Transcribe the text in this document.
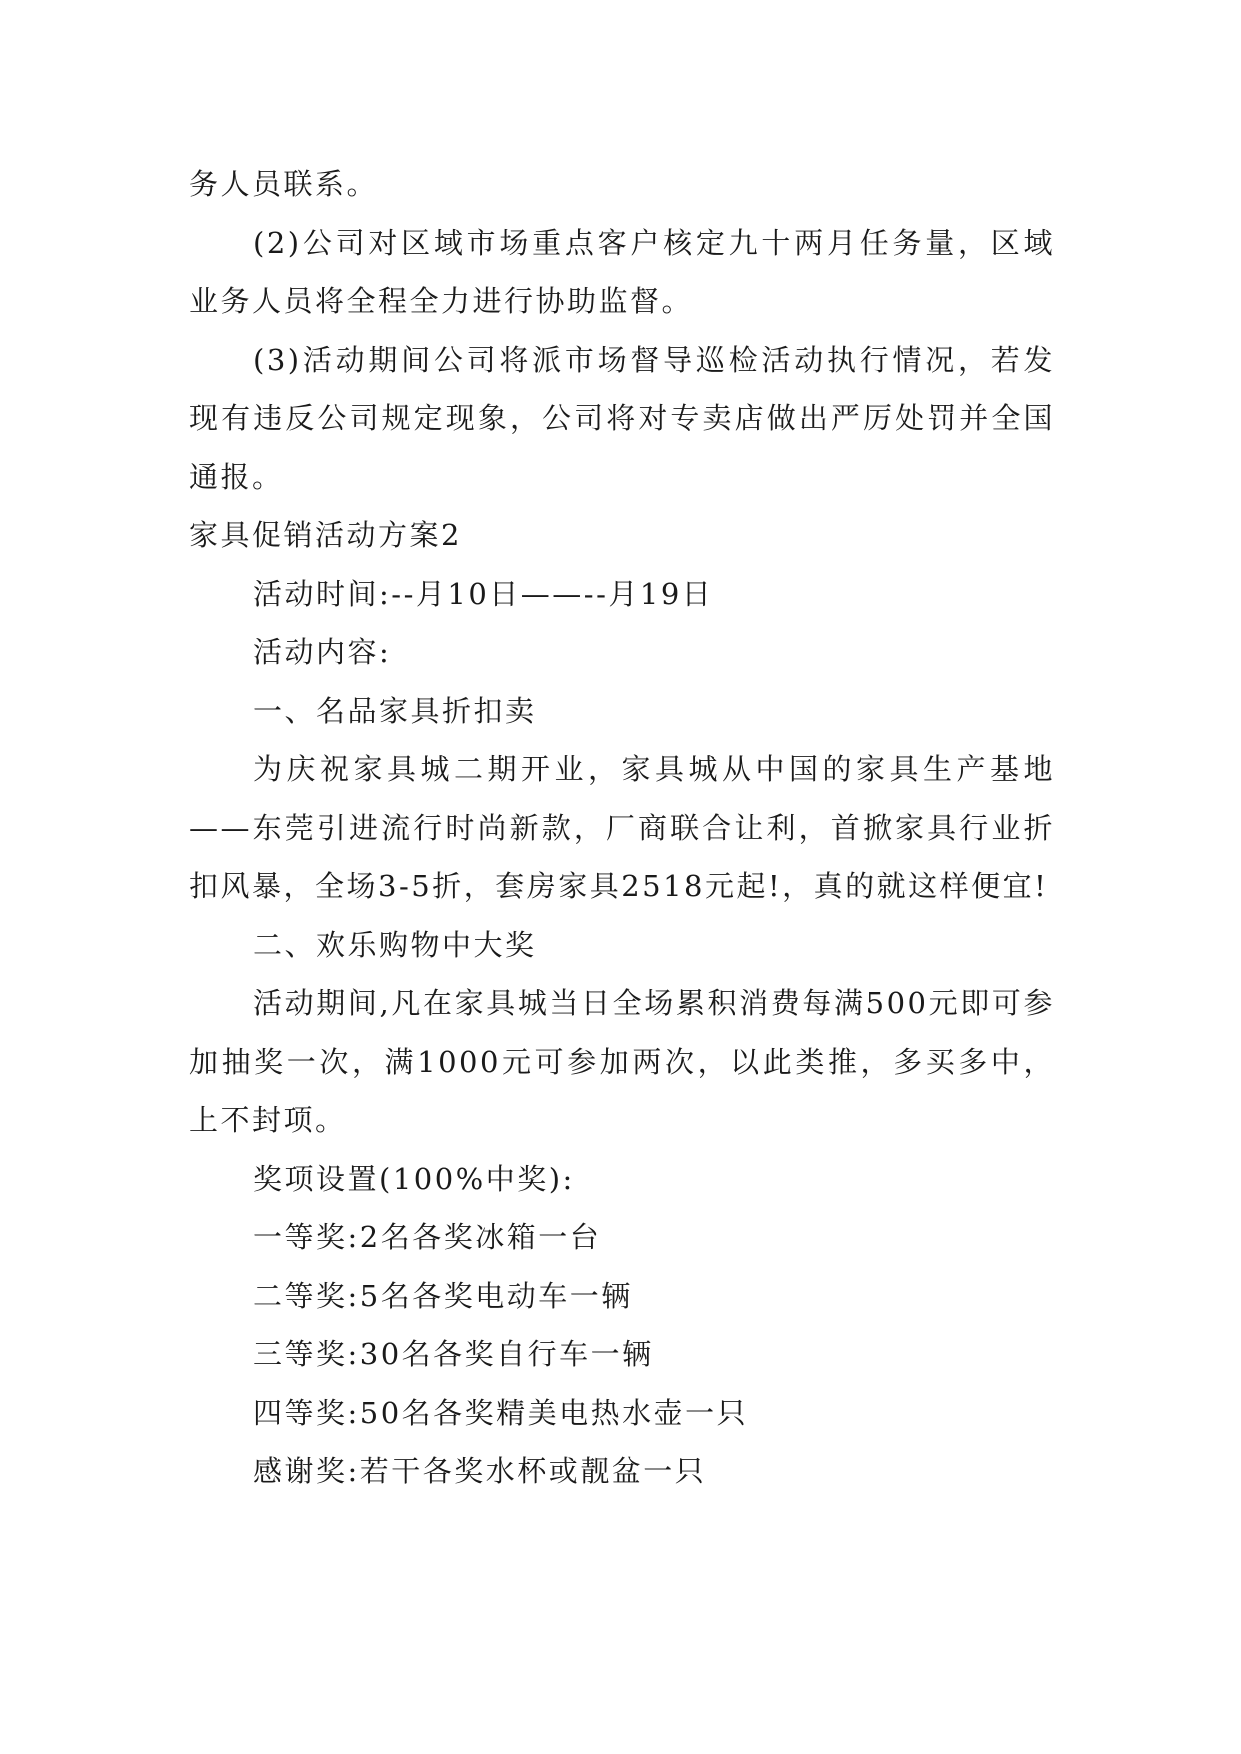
务人员联系。

(2)公司对区域市场重点客户核定九十两月任务量，区域业务人员将全程全力进行协助监督。

(3)活动期间公司将派市场督导巡检活动执行情况，若发现有违反公司规定现象，公司将对专卖店做出严厉处罚并全国通报。

家具促销活动方案2

活动时间:--月10日——--月19日

活动内容:

一、名品家具折扣卖

为庆祝家具城二期开业，家具城从中国的家具生产基地——东莞引进流行时尚新款，厂商联合让利，首掀家具行业折扣风暴，全场3-5折，套房家具2518元起!，真的就这样便宜!

二、欢乐购物中大奖

活动期间,凡在家具城当日全场累积消费每满500元即可参加抽奖一次，满1000元可参加两次，以此类推，多买多中，上不封项。

奖项设置(100%中奖):

一等奖:2名各奖冰箱一台

二等奖:5名各奖电动车一辆

三等奖:30名各奖自行车一辆

四等奖:50名各奖精美电热水壶一只

感谢奖:若干各奖水杯或靓盆一只
